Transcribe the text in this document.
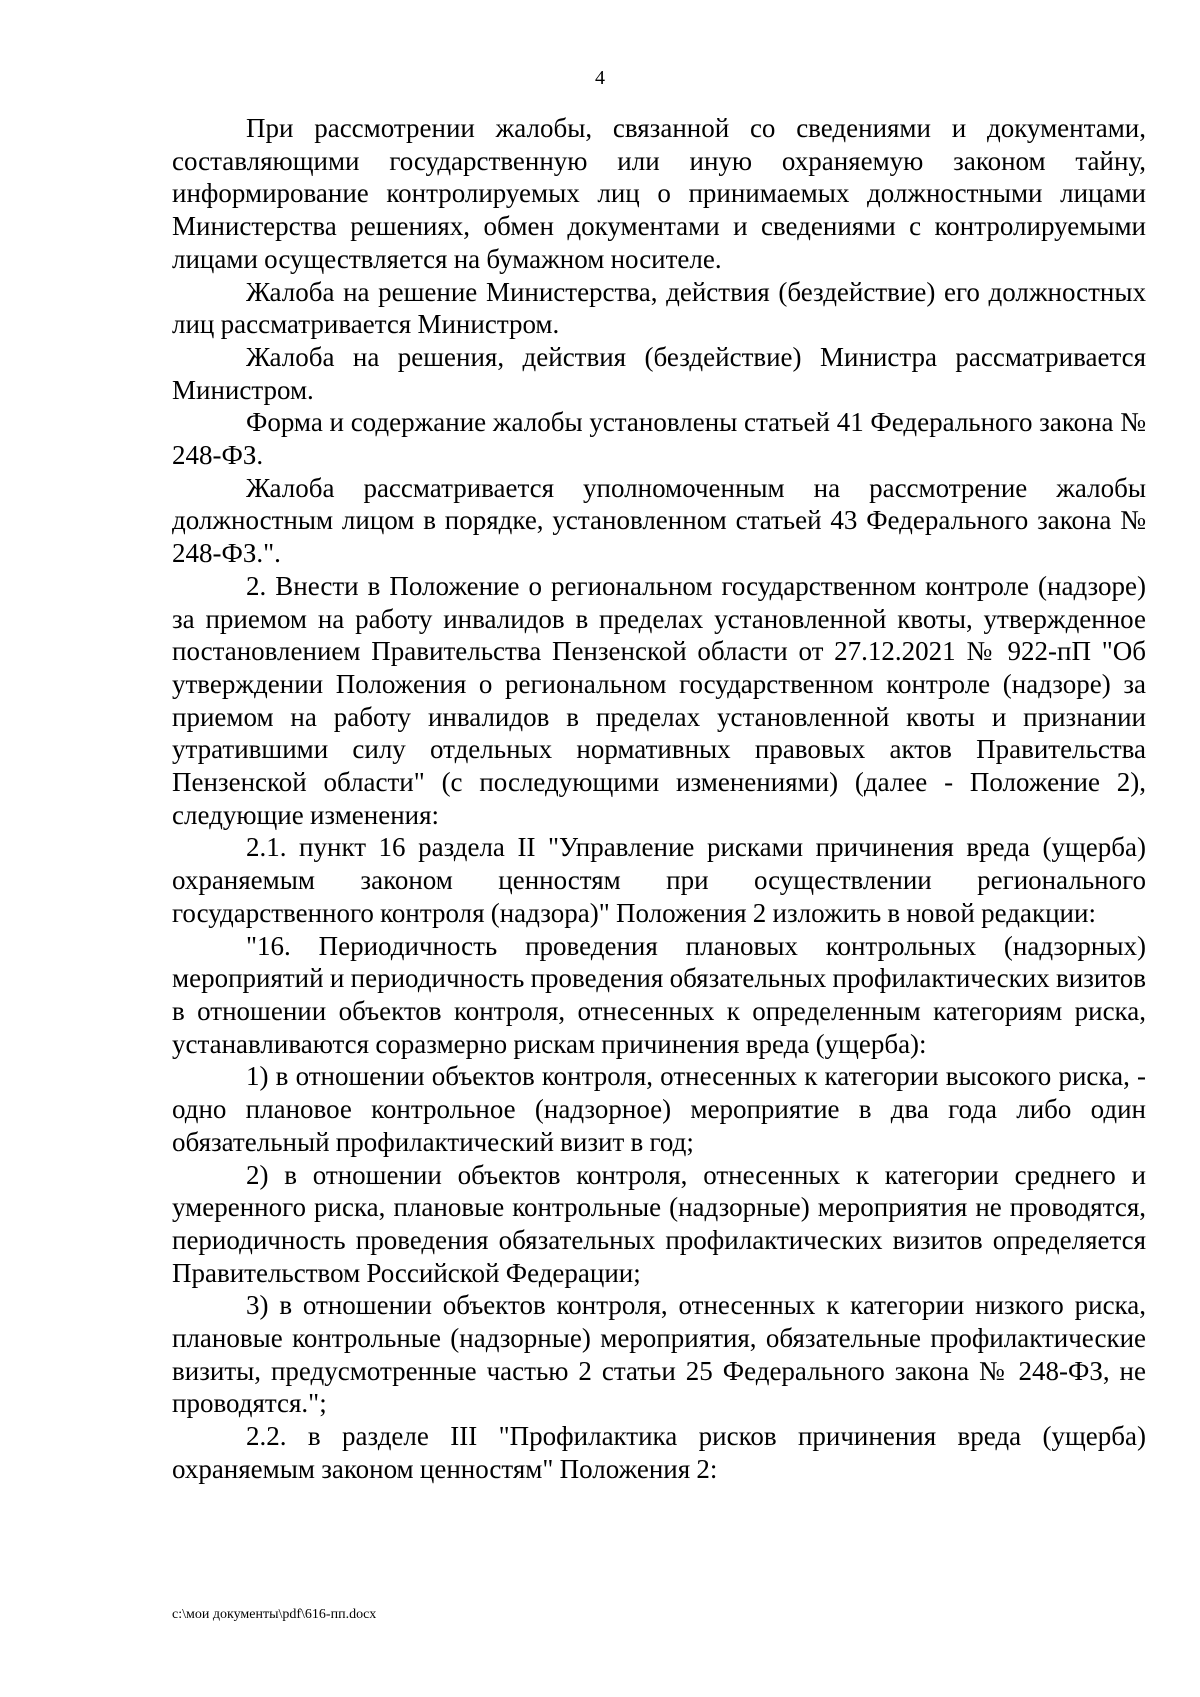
4

При рассмотрении жалобы, связанной со сведениями и документами, составляющими государственную или иную охраняемую законом тайну, информирование контролируемых лиц о принимаемых должностными лицами Министерства решениях, обмен документами и сведениями с контролируемыми лицами осуществляется на бумажном носителе.

Жалоба на решение Министерства, действия (бездействие) его должностных лиц рассматривается Министром.

Жалоба на решения, действия (бездействие) Министра рассматривается Министром.

Форма и содержание жалобы установлены статьей 41 Федерального закона № 248-ФЗ.

Жалоба рассматривается уполномоченным на рассмотрение жалобы должностным лицом в порядке, установленном статьей 43 Федерального закона № 248-ФЗ.".

2. Внести в Положение о региональном государственном контроле (надзоре) за приемом на работу инвалидов в пределах установленной квоты, утвержденное постановлением Правительства Пензенской области от 27.12.2021 № 922-пП "Об утверждении Положения о региональном государственном контроле (надзоре) за приемом на работу инвалидов в пределах установленной квоты и признании утратившими силу отдельных нормативных правовых актов Правительства Пензенской области" (с последующими изменениями) (далее - Положение 2), следующие изменения:

2.1. пункт 16 раздела II "Управление рисками причинения вреда (ущерба) охраняемым законом ценностям при осуществлении регионального государственного контроля (надзора)" Положения 2 изложить в новой редакции:

"16. Периодичность проведения плановых контрольных (надзорных) мероприятий и периодичность проведения обязательных профилактических визитов в отношении объектов контроля, отнесенных к определенным категориям риска, устанавливаются соразмерно рискам причинения вреда (ущерба):

1) в отношении объектов контроля, отнесенных к категории высокого риска, - одно плановое контрольное (надзорное) мероприятие в два года либо один обязательный профилактический визит в год;

2) в отношении объектов контроля, отнесенных к категории среднего и умеренного риска, плановые контрольные (надзорные) мероприятия не проводятся, периодичность проведения обязательных профилактических визитов определяется Правительством Российской Федерации;

3) в отношении объектов контроля, отнесенных к категории низкого риска, плановые контрольные (надзорные) мероприятия, обязательные профилактические визиты, предусмотренные частью 2 статьи 25 Федерального закона № 248-ФЗ, не проводятся.";

2.2. в разделе III "Профилактика рисков причинения вреда (ущерба) охраняемым законом ценностям" Положения 2:

c:\мои документы\pdf\616-пп.docx
